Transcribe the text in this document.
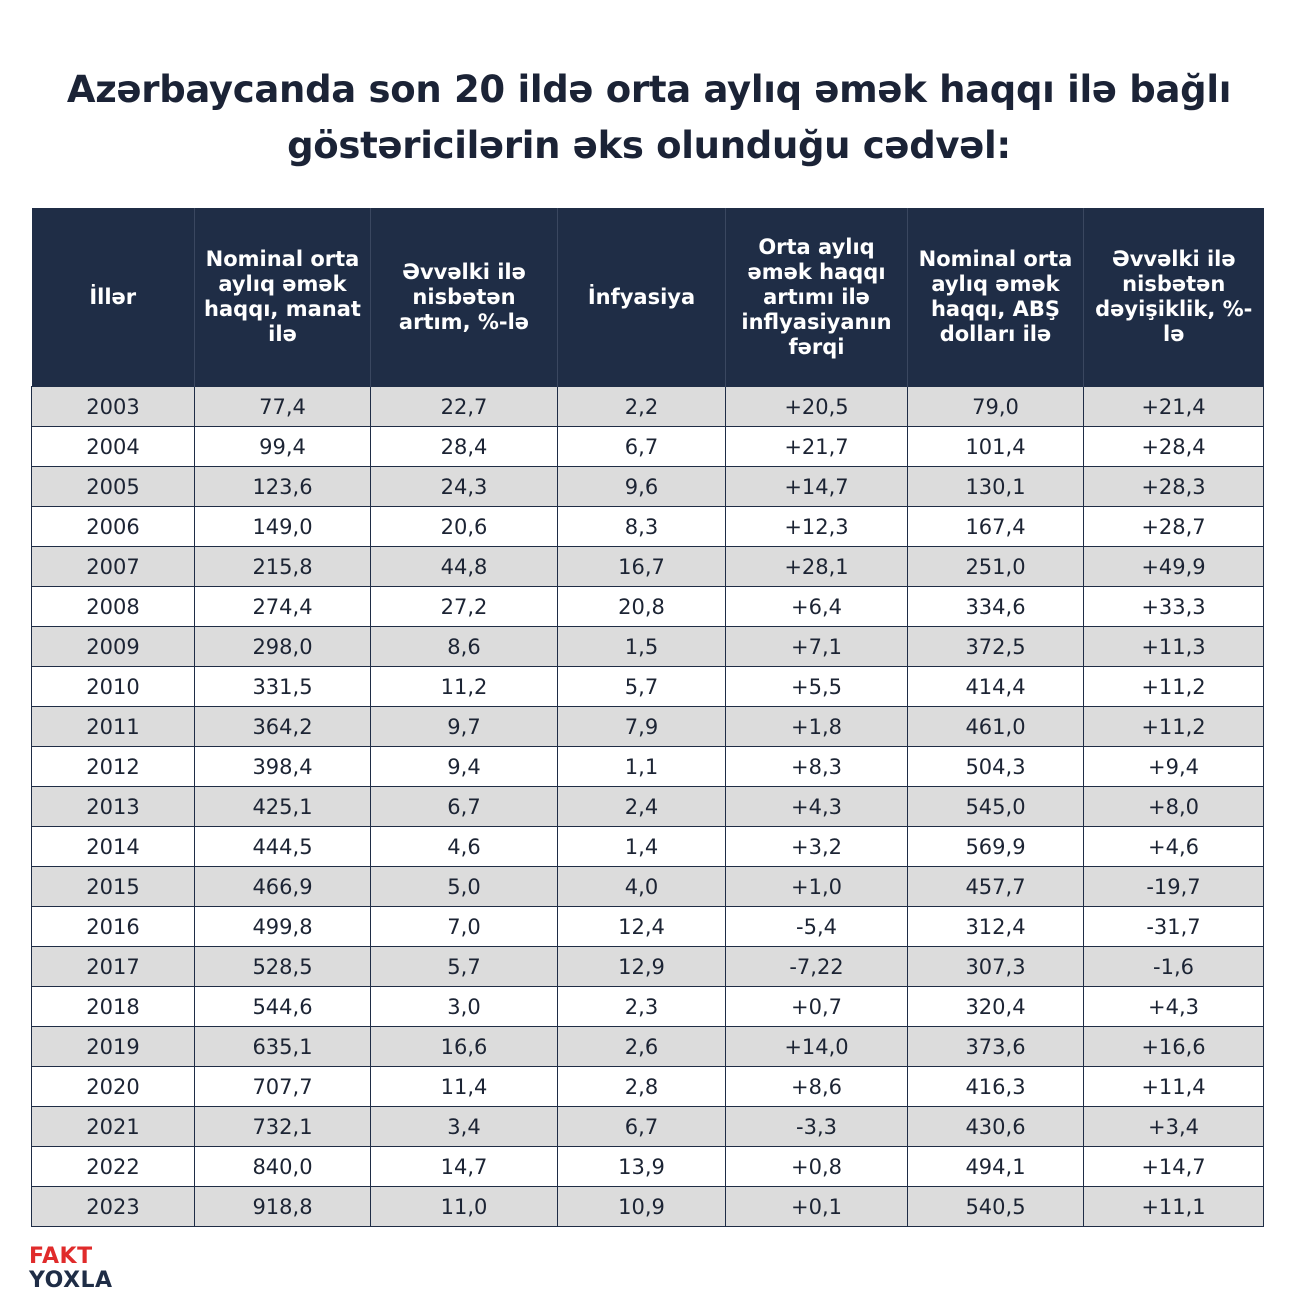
Azərbaycanda son 20 ildə orta aylıq əmək haqqı ilə bağlı
göstəricilərin əks olunduğu cədvəl:
İllər	Nominal orta aylıq əmək haqqı, manat ilə	Əvvəlki ilə nisbətən artım, %-lə	İnfyasiya	Orta aylıq əmək haqqı artımı ilə inflyasiyanın fərqi	Nominal orta aylıq əmək haqqı, ABŞ dolları ilə	Əvvəlki ilə nisbətən dəyişiklik, %-lə
2003	77,4	22,7	2,2	+20,5	79,0	+21,4
2004	99,4	28,4	6,7	+21,7	101,4	+28,4
2005	123,6	24,3	9,6	+14,7	130,1	+28,3
2006	149,0	20,6	8,3	+12,3	167,4	+28,7
2007	215,8	44,8	16,7	+28,1	251,0	+49,9
2008	274,4	27,2	20,8	+6,4	334,6	+33,3
2009	298,0	8,6	1,5	+7,1	372,5	+11,3
2010	331,5	11,2	5,7	+5,5	414,4	+11,2
2011	364,2	9,7	7,9	+1,8	461,0	+11,2
2012	398,4	9,4	1,1	+8,3	504,3	+9,4
2013	425,1	6,7	2,4	+4,3	545,0	+8,0
2014	444,5	4,6	1,4	+3,2	569,9	+4,6
2015	466,9	5,0	4,0	+1,0	457,7	-19,7
2016	499,8	7,0	12,4	-5,4	312,4	-31,7
2017	528,5	5,7	12,9	-7,22	307,3	-1,6
2018	544,6	3,0	2,3	+0,7	320,4	+4,3
2019	635,1	16,6	2,6	+14,0	373,6	+16,6
2020	707,7	11,4	2,8	+8,6	416,3	+11,4
2021	732,1	3,4	6,7	-3,3	430,6	+3,4
2022	840,0	14,7	13,9	+0,8	494,1	+14,7
2023	918,8	11,0	10,9	+0,1	540,5	+11,1
FAKT
YOXLA
